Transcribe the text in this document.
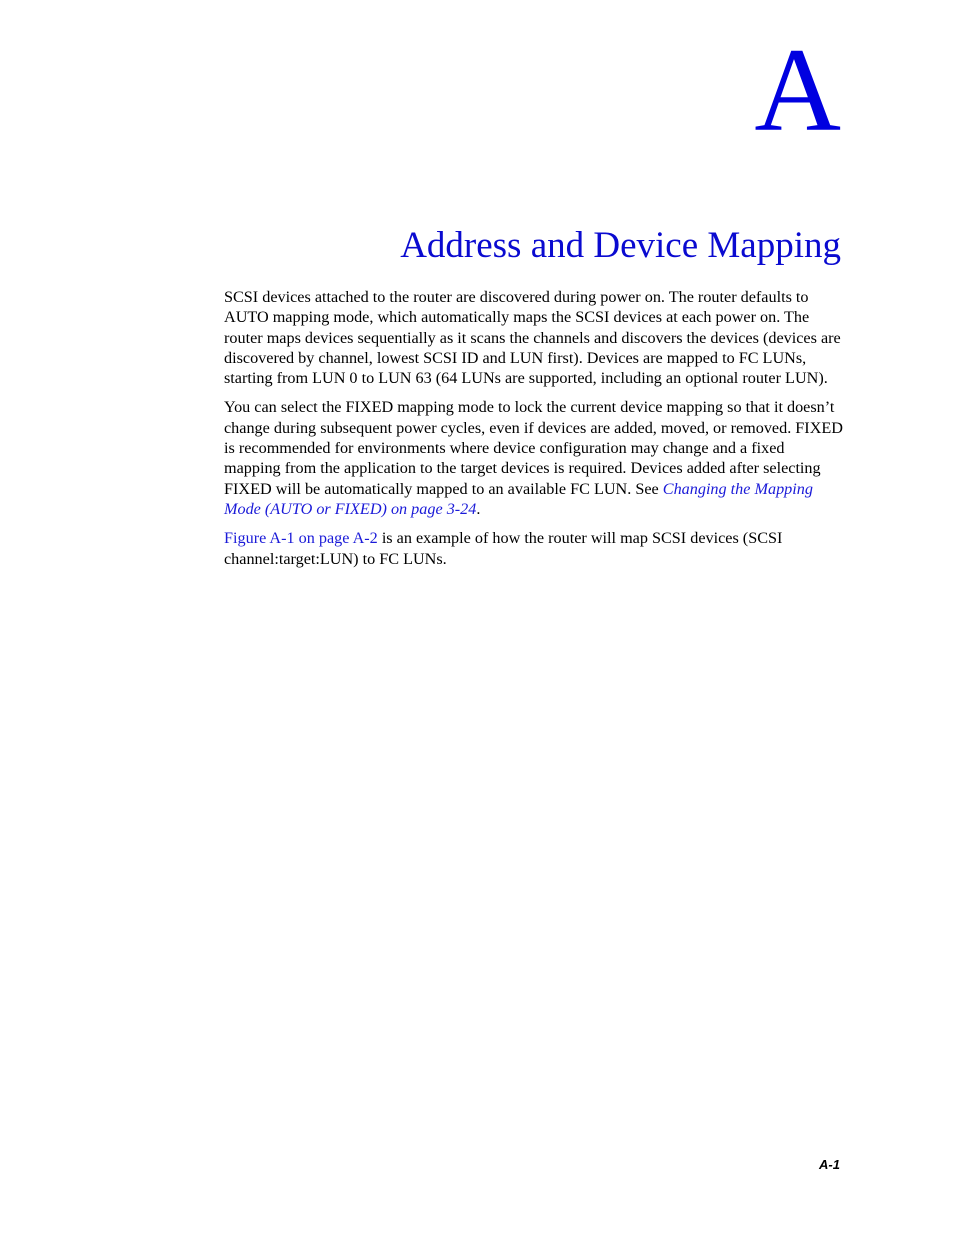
A
Address and Device Mapping

SCSI devices attached to the router are discovered during power on. The router defaults to AUTO mapping mode, which automatically maps the SCSI devices at each power on. The router maps devices sequentially as it scans the channels and discovers the devices (devices are discovered by channel, lowest SCSI ID and LUN first). Devices are mapped to FC LUNs, starting from LUN 0 to LUN 63 (64 LUNs are supported, including an optional router LUN).

You can select the FIXED mapping mode to lock the current device mapping so that it doesn’t change during subsequent power cycles, even if devices are added, moved, or removed. FIXED is recommended for environments where device configuration may change and a fixed mapping from the application to the target devices is required. Devices added after selecting FIXED will be automatically mapped to an available FC LUN. See Changing the Mapping Mode (AUTO or FIXED) on page 3-24.

Figure A-1 on page A-2 is an example of how the router will map SCSI devices (SCSI channel:target:LUN) to FC LUNs.

A-1
